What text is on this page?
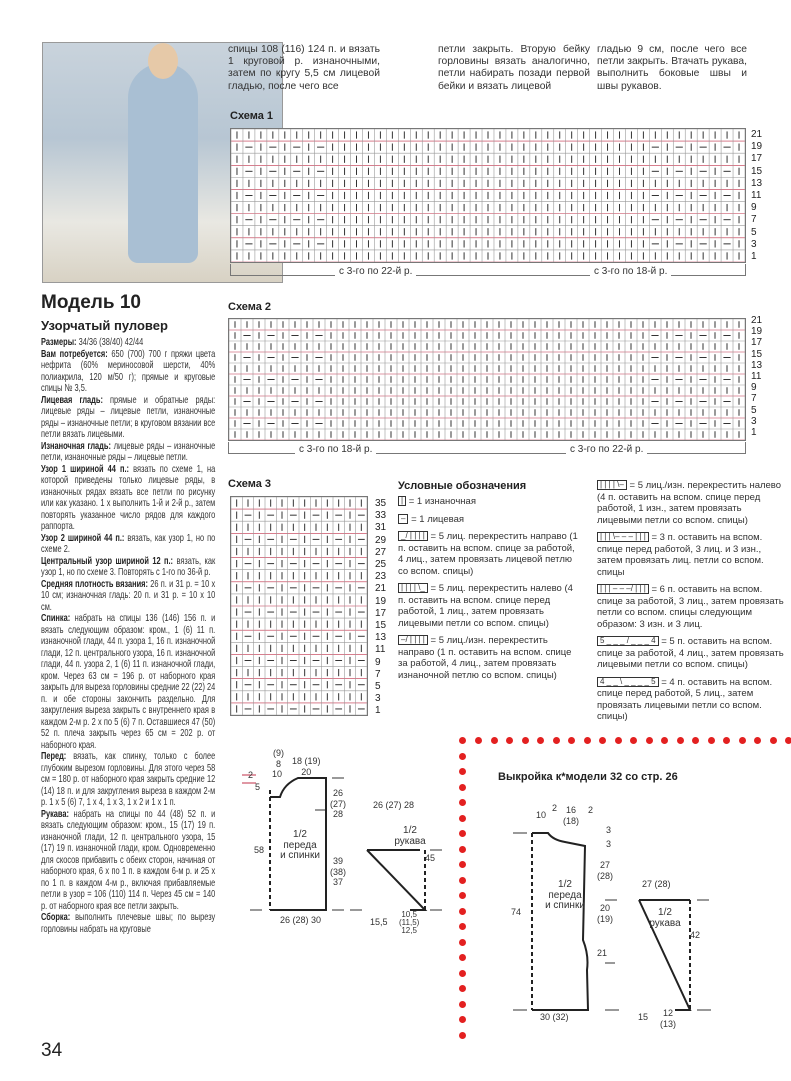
спицы 108 (116) 124 п. и вязать 1 круговой р. изнаночными, затем по кругу 5,5 см лицевой гладью, после чего все
петли закрыть. Вторую бейку горловины вязать аналогично, петли набирать позади первой бейки и вязать лицевой
гладью 9 см, после чего все петли закрыть. Втачать рукава, выполнить боковые швы и швы рукавов.
Модель 10
Узорчатый пуловер
Размеры: 34/36 (38/40) 42/44
Вам потребуется: 650 (700) 700 г пряжи цвета нефрита (60% мериносовой шерсти, 40% полиакрила, 120 м/50 г); прямые и круговые спицы № 3,5.
Лицевая гладь: прямые и обратные ряды: лицевые ряды – лицевые петли, изнаночные ряды – изнаночные петли; в круговом вязании все петли вязать лицевыми.
Изнаночная гладь: лицевые ряды – изнаночные петли, изнаночные ряды – лицевые петли.
Узор 1 шириной 44 п.: вязать по схеме 1, на которой приведены только лицевые ряды, в изнаночных рядах вязать все петли по рисунку или как указано. 1 х выполнить 1-й и 2-й р., затем повторять указанное число рядов для каждого раппорта.
Узор 2 шириной 44 п.: вязать, как узор 1, но по схеме 2.
Центральный узор шириной 12 п.: вязать, как узор 1, но по схеме 3. Повторять с 1-го по 36-й р.
Средняя плотность вязания: 26 п. и 31 р. = 10 х 10 см; изнаночная гладь: 20 п. и 31 р. = 10 х 10 см.
Спинка: набрать на спицы 136 (146) 156 п. и вязать следующим образом: кром., 1 (6) 11 п. изнаночной глади, 44 п. узора 1, 16 п. изнаночной глади, 12 п. центрального узора, 16 п. изнаночной глади, 44 п. узора 2, 1 (6) 11 п. изнаночной глади, кром. Через 63 см = 196 р. от наборного края закрыть для выреза горловины средние 22 (22) 24 п. и обе стороны закончить раздельно. Для закругления выреза закрыть с внутреннего края в каждом 2-м р. 2 х по 5 (6) 7 п. Оставшиеся 47 (50) 52 п. плеча закрыть через 65 см = 202 р. от наборного края.
Перед: вязать, как спинку, только с более глубоким вырезом горловины. Для этого через 58 см = 180 р. от наборного края закрыть средние 12 (14) 18 п. и для закругления выреза в каждом 2-м р. 1 х 5 (6) 7, 1 х 4, 1 х 3, 1 х 2 и 1 х 1 п.
Рукава: набрать на спицы по 44 (48) 52 п. и вязать следующим образом: кром., 15 (17) 19 п. изнаночной глади, 12 п. центрального узора, 15 (17) 19 п. изнаночной глади, кром. Одновременно для скосов прибавить с обеих сторон, начиная от наборного края, 6 х по 1 п. в каждом 6-м р. и 25 х по 1 п. в каждом 4-м р., включая прибавляемые петли в узор = 106 (110) 114 п. Через 45 см = 140 р. от наборного края все петли закрыть.
Сборка: выполнить плечевые швы; по вырезу горловины набрать на круговые
34
Схема 1
21
19
17
15
13
11
9
7
5
3
1
с 3-го по 22-й р.	с 3-го по 18-й р.
Схема 2
21
19
17
15
13
11
9
7
5
3
1
с 3-го по 18-й р.	с 3-го по 22-й р.
Схема 3
35
33
31
29
27
25
23
21
19
17
15
13
11
9
7
5
3
1
Условные обозначения
| = 1 изнаночная
– = 1 лицевая
_/ | | | | = 5 лиц. перекрестить направо (1 п. оставить на вспом. спице за работой, 4 лиц., затем провязать лицевой петлю со вспом. спицы)
| | | | \_ = 5 лиц. перекрестить налево (4 п. оставить на вспом. спице перед работой, 1 лиц., затем провязать лицевыми петли со вспом. спицы)
–/ | | | | = 5 лиц./изн. перекрестить направо (1 п. оставить на вспом. спице за работой, 4 лиц., затем провязать изнаночной петлю со вспом. спицы)
| | | | \– = 5 лиц./изн. перекрестить налево (4 п. оставить на вспом. спице перед работой, 1 изн., затем провязать лицевыми петли со вспом. спицы)
| | | \– – – | | | = 3 п. оставить на вспом. спице перед работой, 3 лиц. и 3 изн., затем провязать лиц. петли со вспом. спицы
| | | – – –/ | | | = 6 п. оставить на вспом. спице за работой, 3 лиц., затем провязать петли со вспом. спицы следующим образом: 3 изн. и 3 лиц.
5 _ _ _ / _ _ _ 4 = 5 п. оставить на вспом. спице за работой, 4 лиц., затем провязать лицевыми петли со вспом. спицы)
4 _ _ \ _ _ _ _ 5 = 4 п. оставить на вспом. спице перед работой, 5 лиц., затем провязать лицевыми петли со вспом. спицы)
(9)
8
10
18 (19)
20
2
5
26
(27)
28
39
(38)
37
58
26 (28) 30
1/2
переда
и спинки
26 (27) 28
1/2
рукава
45
15,5
10,5
(11,5)
12,5
Выкройка к*модели 32 со стр. 26
10
2 16
(18)
2
3
3
27
(28)
20
(19)
21
74
30 (32)
1/2
переда
и спинки
27 (28)
1/2
рукава
42
15	12
(13)
